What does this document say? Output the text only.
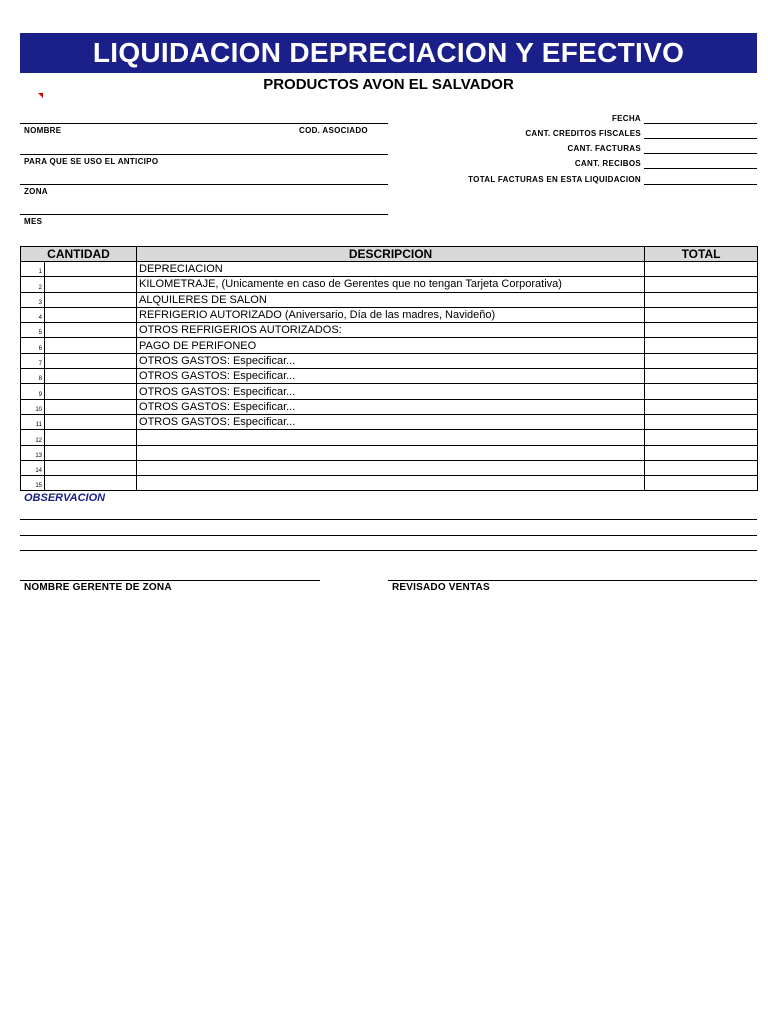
LIQUIDACION DEPRECIACION Y EFECTIVO
PRODUCTOS AVON EL SALVADOR
NOMBRE	COD. ASOCIADO
PARA QUE SE USO EL ANTICIPO
ZONA
MES
FECHA
CANT. CREDITOS FISCALES
CANT. FACTURAS
CANT. RECIBOS
TOTAL FACTURAS EN ESTA LIQUIDACION
CANTIDAD		DESCRIPCION	TOTAL
1		DEPRECIACION	
2		KILOMETRAJE, (Unicamente en caso de Gerentes que no tengan Tarjeta Corporativa)	
3		ALQUILERES DE SALON	
4		REFRIGERIO AUTORIZADO (Aniversario, Día de las madres, Navideño)	
5		OTROS REFRIGERIOS AUTORIZADOS:	
6		PAGO DE PERIFONEO	
7		OTROS GASTOS: Especificar...	
8		OTROS GASTOS: Especificar...	
9		OTROS GASTOS: Especificar...	
10		OTROS GASTOS: Especificar...	
11		OTROS GASTOS: Especificar...	
12			
13			
14			
15			
OBSERVACION
NOMBRE GERENTE DE ZONA	REVISADO VENTAS
